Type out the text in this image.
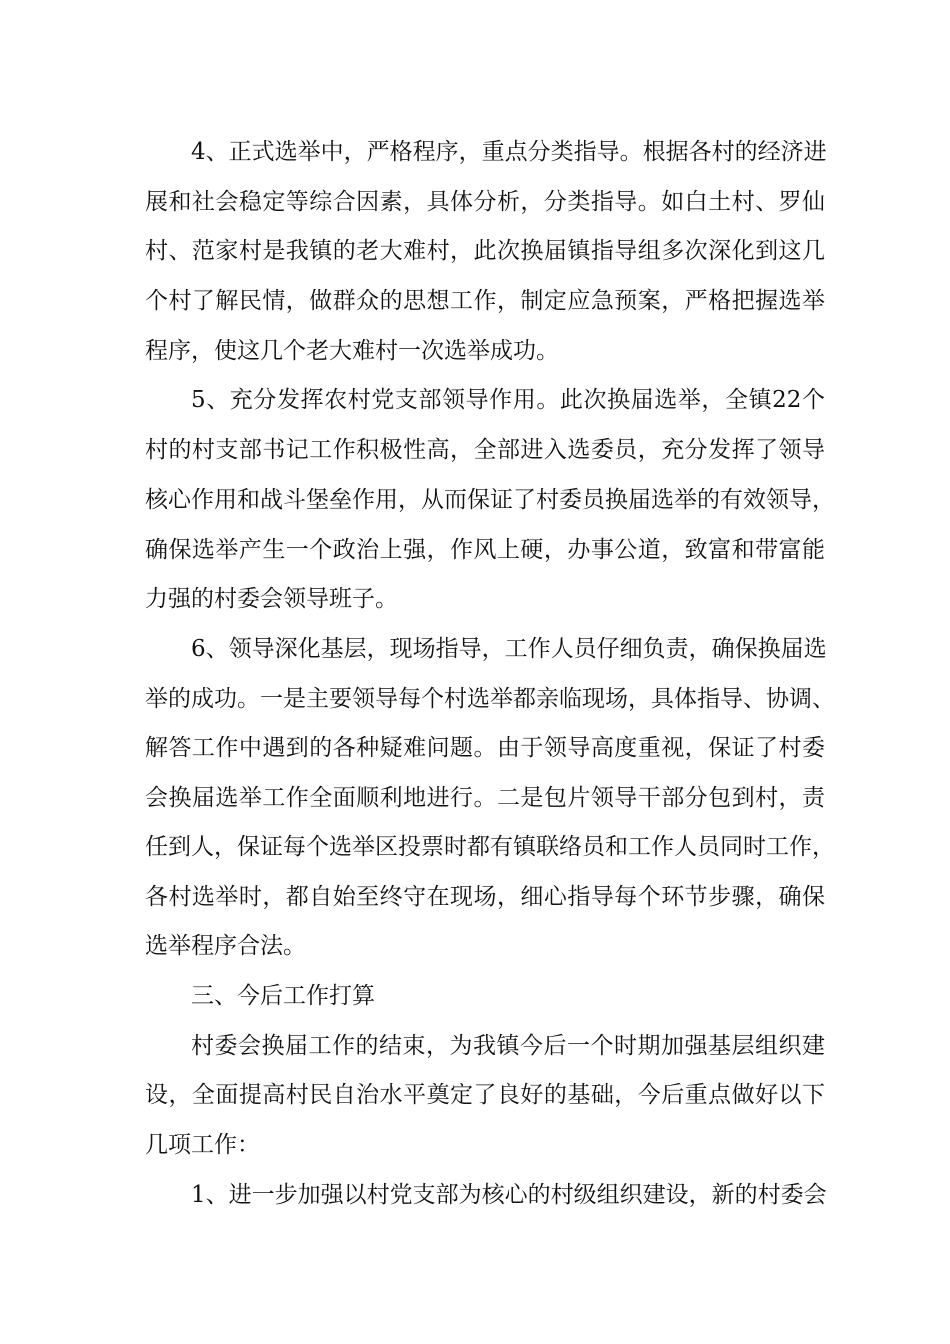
4、正式选举中，严格程序，重点分类指导。根据各村的经济进

展和社会稳定等综合因素，具体分析，分类指导。如白土村、罗仙

村、范家村是我镇的老大难村，此次换届镇指导组多次深化到这几

个村了解民情，做群众的思想工作，制定应急预案，严格把握选举

程序，使这几个老大难村一次选举成功。

5、充分发挥农村党支部领导作用。此次换届选举，全镇22个

村的村支部书记工作积极性高，全部进入选委员，充分发挥了领导

核心作用和战斗堡垒作用，从而保证了村委员换届选举的有效领导，

确保选举产生一个政治上强，作风上硬，办事公道，致富和带富能

力强的村委会领导班子。

6、领导深化基层，现场指导，工作人员仔细负责，确保换届选

举的成功。一是主要领导每个村选举都亲临现场，具体指导、协调、

解答工作中遇到的各种疑难问题。由于领导高度重视，保证了村委

会换届选举工作全面顺利地进行。二是包片领导干部分包到村，责

任到人，保证每个选举区投票时都有镇联络员和工作人员同时工作，

各村选举时，都自始至终守在现场，细心指导每个环节步骤，确保

选举程序合法。

三、今后工作打算

村委会换届工作的结束，为我镇今后一个时期加强基层组织建

设，全面提高村民自治水平奠定了良好的基础，今后重点做好以下

几项工作：

1、进一步加强以村党支部为核心的村级组织建设，新的村委会
